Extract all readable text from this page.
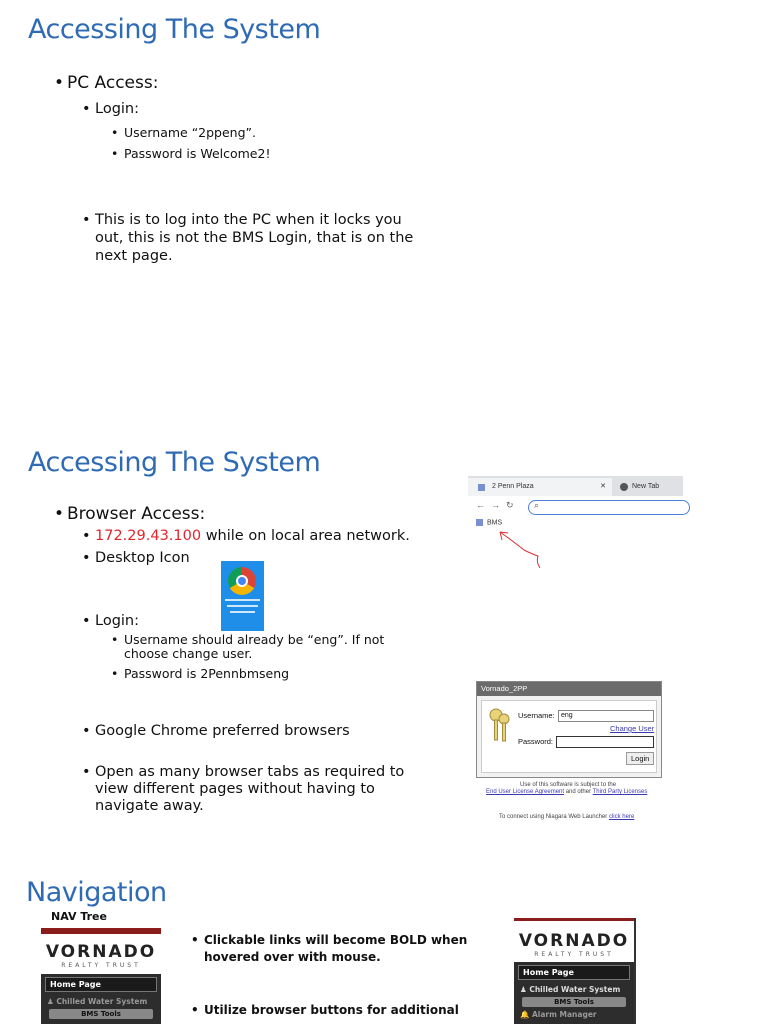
Accessing The System
• PC Access:
• Login:
• Username “2ppeng”.
• Password is Welcome2!
• This is to log into the PC when it locks you out, this is not the BMS Login, that is on the next page.
Accessing The System
• Browser Access:
• 172.29.43.100 while on local area network.
• Desktop Icon
• Login:
• Username should already be “eng”. If not choose change user.
• Password is 2Pennbmseng
• Google Chrome preferred browsers
• Open as many browser tabs as required to view different pages without having to navigate away.
2 Penn Plaza	✕	New Tab
←→↻ ⌕
BMS
Vornado_2PP
Username: eng
Change User
Password:
Login
Use of this software is subject to the
End User License Agreement and other Third Party Licenses
To connect using Niagara Web Launcher click here
Navigation
NAV Tree
VORNADO
REALTY TRUST
Home Page
♟ Chilled Water System
BMS Tools
• Clickable links will become BOLD when hovered over with mouse.
• Utilize browser buttons for additional
VORNADO
REALTY TRUST
Home Page
♟ Chilled Water System
BMS Tools
🔔 Alarm Manager
